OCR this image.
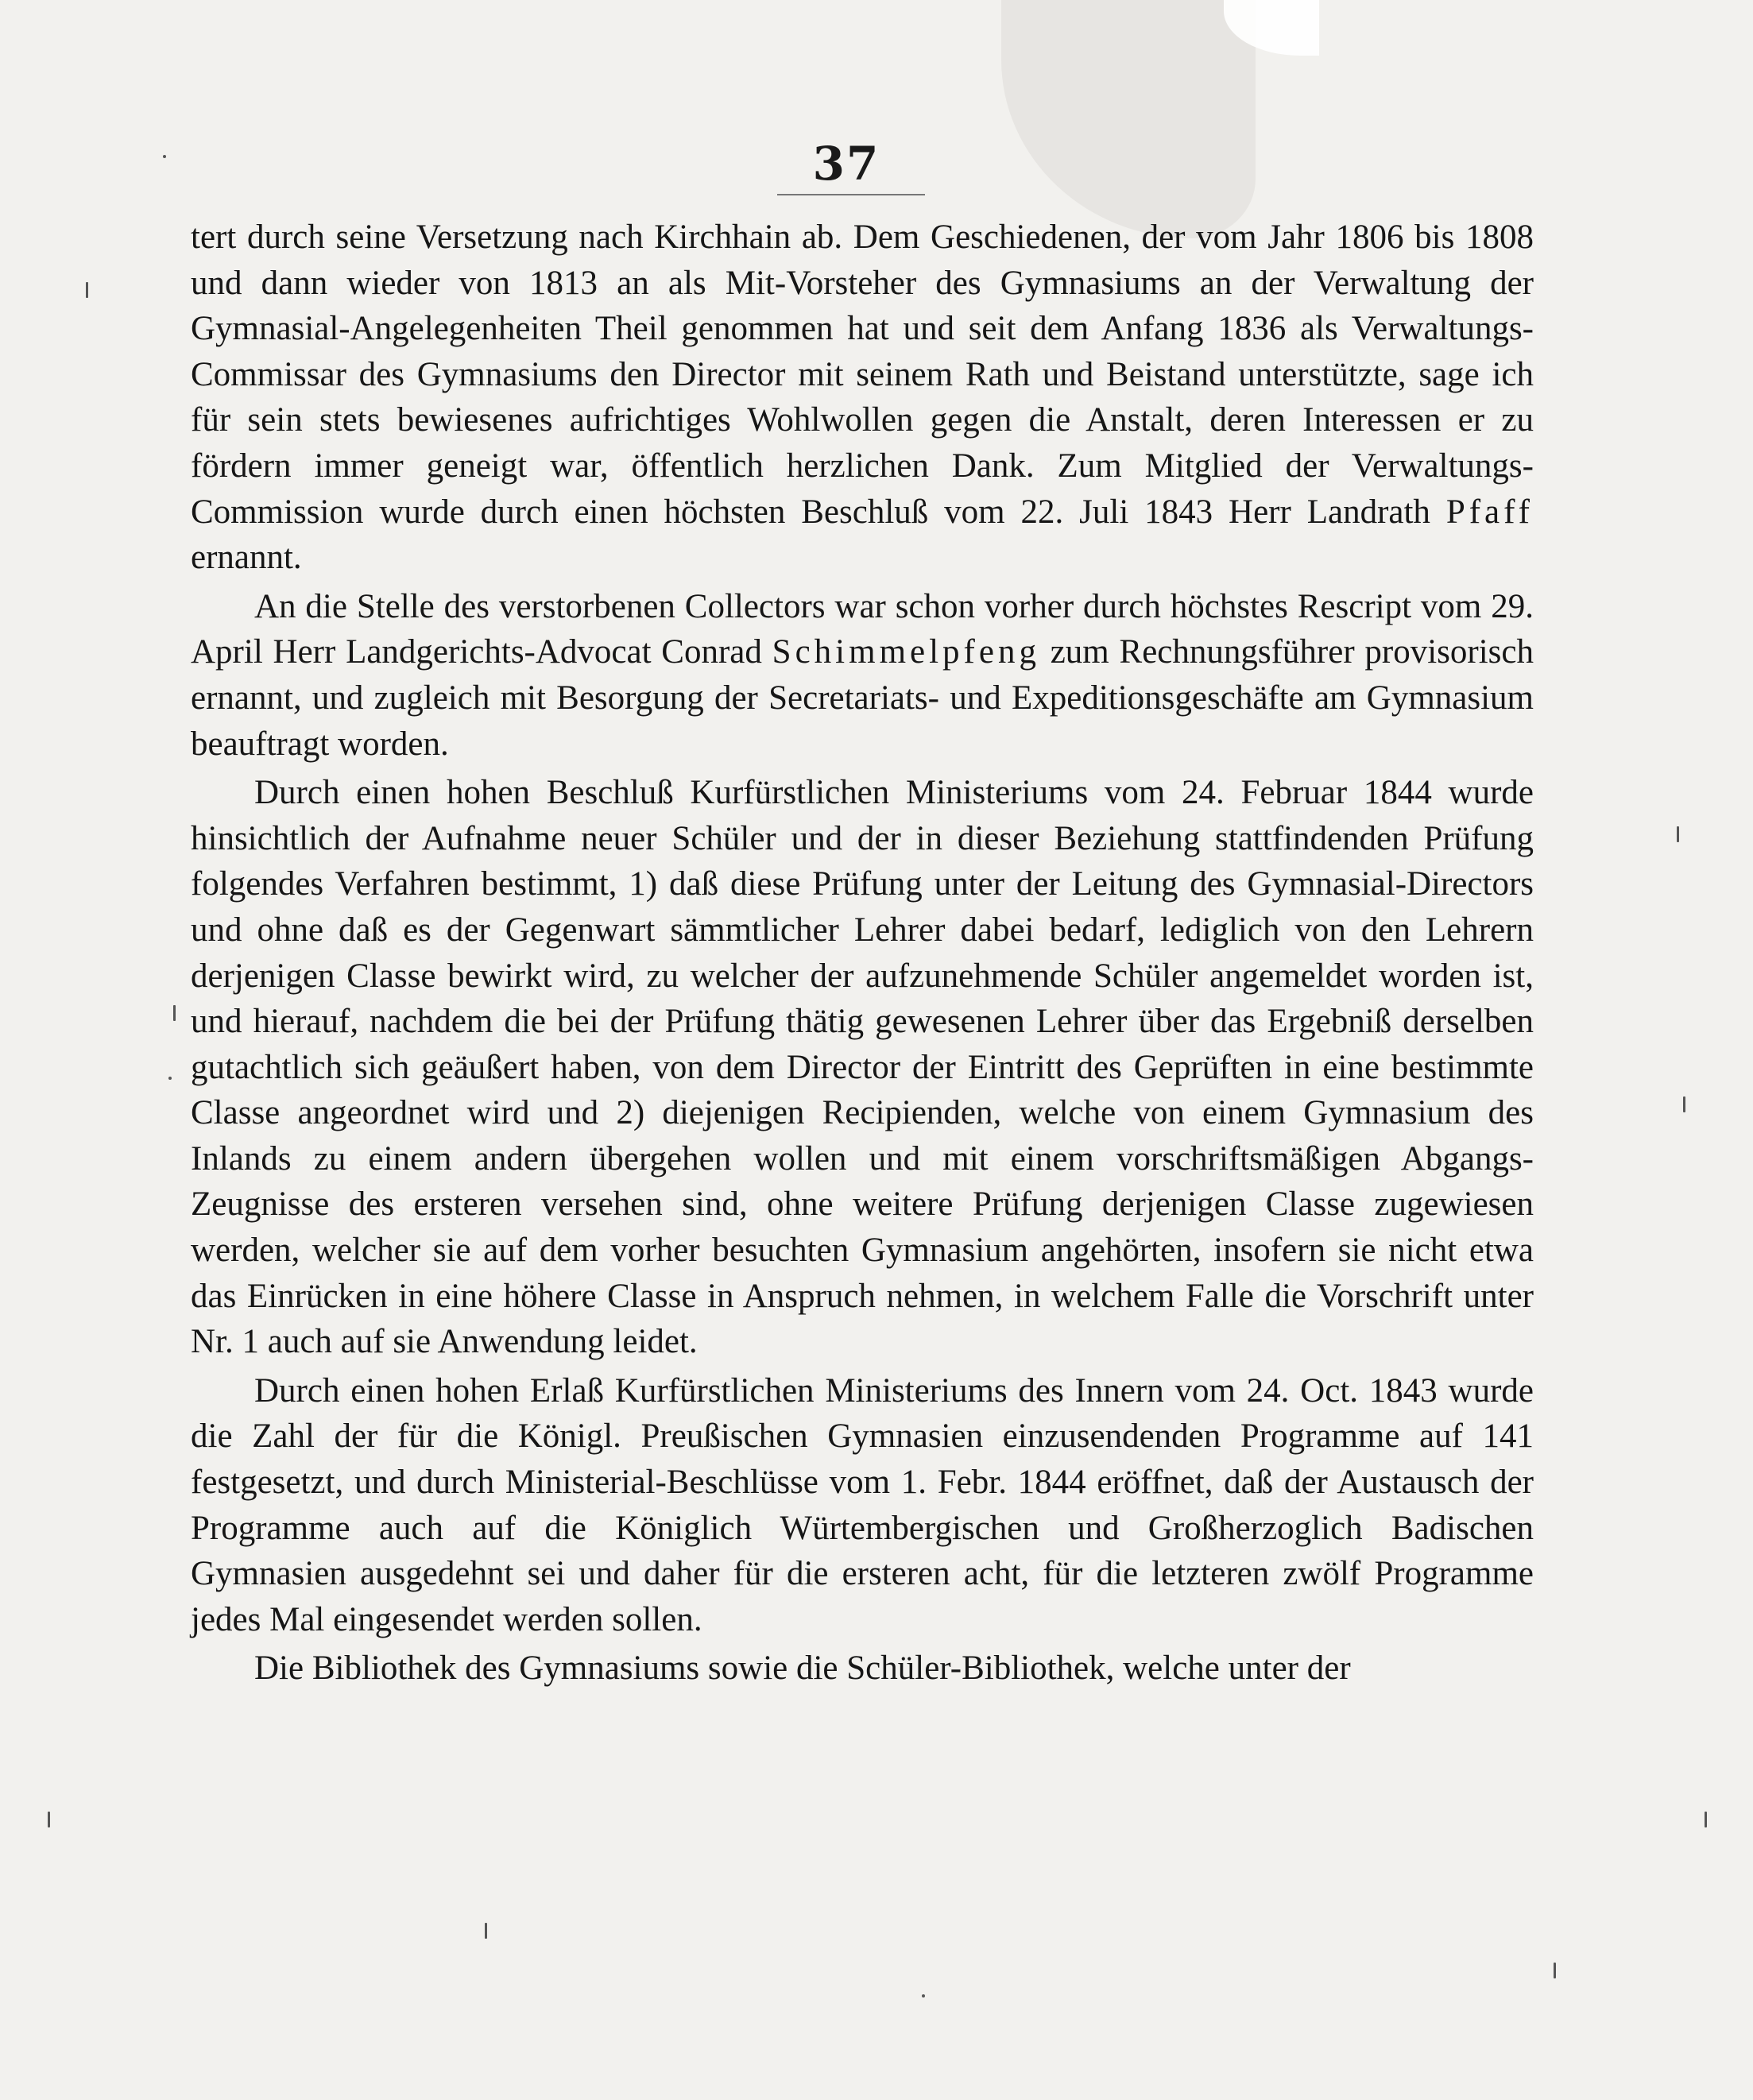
37

tert durch seine Versetzung nach Kirchhain ab. Dem Geschiedenen, der vom Jahr 1806 bis 1808 und dann wieder von 1813 an als Mit-Vorsteher des Gymnasiums an der Verwaltung der Gymnasial-Angelegenheiten Theil genommen hat und seit dem Anfang 1836 als Verwaltungs-Commissar des Gymnasiums den Director mit seinem Rath und Beistand unterstützte, sage ich für sein stets bewiesenes aufrichtiges Wohlwollen gegen die Anstalt, deren Interessen er zu fördern immer geneigt war, öffentlich herzlichen Dank. Zum Mitglied der Verwaltungs-Commission wurde durch einen höchsten Beschluß vom 22. Juli 1843 Herr Landrath Pfaff ernannt.

An die Stelle des verstorbenen Collectors war schon vorher durch höchstes Rescript vom 29. April Herr Landgerichts-Advocat Conrad Schimmelpfeng zum Rechnungsführer provisorisch ernannt, und zugleich mit Besorgung der Secretariats- und Expeditionsgeschäfte am Gymnasium beauftragt worden.

Durch einen hohen Beschluß Kurfürstlichen Ministeriums vom 24. Februar 1844 wurde hinsichtlich der Aufnahme neuer Schüler und der in dieser Beziehung stattfindenden Prüfung folgendes Verfahren bestimmt, 1) daß diese Prüfung unter der Leitung des Gymnasial-Directors und ohne daß es der Gegenwart sämmtlicher Lehrer dabei bedarf, lediglich von den Lehrern derjenigen Classe bewirkt wird, zu welcher der aufzunehmende Schüler angemeldet worden ist, und hierauf, nachdem die bei der Prüfung thätig gewesenen Lehrer über das Ergebniß derselben gutachtlich sich geäußert haben, von dem Director der Eintritt des Geprüften in eine bestimmte Classe angeordnet wird und 2) diejenigen Recipienden, welche von einem Gymnasium des Inlands zu einem andern übergehen wollen und mit einem vorschriftsmäßigen Abgangs-Zeugnisse des ersteren versehen sind, ohne weitere Prüfung derjenigen Classe zugewiesen werden, welcher sie auf dem vorher besuchten Gymnasium angehörten, insofern sie nicht etwa das Einrücken in eine höhere Classe in Anspruch nehmen, in welchem Falle die Vorschrift unter Nr. 1 auch auf sie Anwendung leidet.

Durch einen hohen Erlaß Kurfürstlichen Ministeriums des Innern vom 24. Oct. 1843 wurde die Zahl der für die Königl. Preußischen Gymnasien einzusendenden Programme auf 141 festgesetzt, und durch Ministerial-Beschlüsse vom 1. Febr. 1844 eröffnet, daß der Austausch der Programme auch auf die Königlich Würtembergischen und Großherzoglich Badischen Gymnasien ausgedehnt sei und daher für die ersteren acht, für die letzteren zwölf Programme jedes Mal eingesendet werden sollen.

Die Bibliothek des Gymnasiums sowie die Schüler-Bibliothek, welche unter der
